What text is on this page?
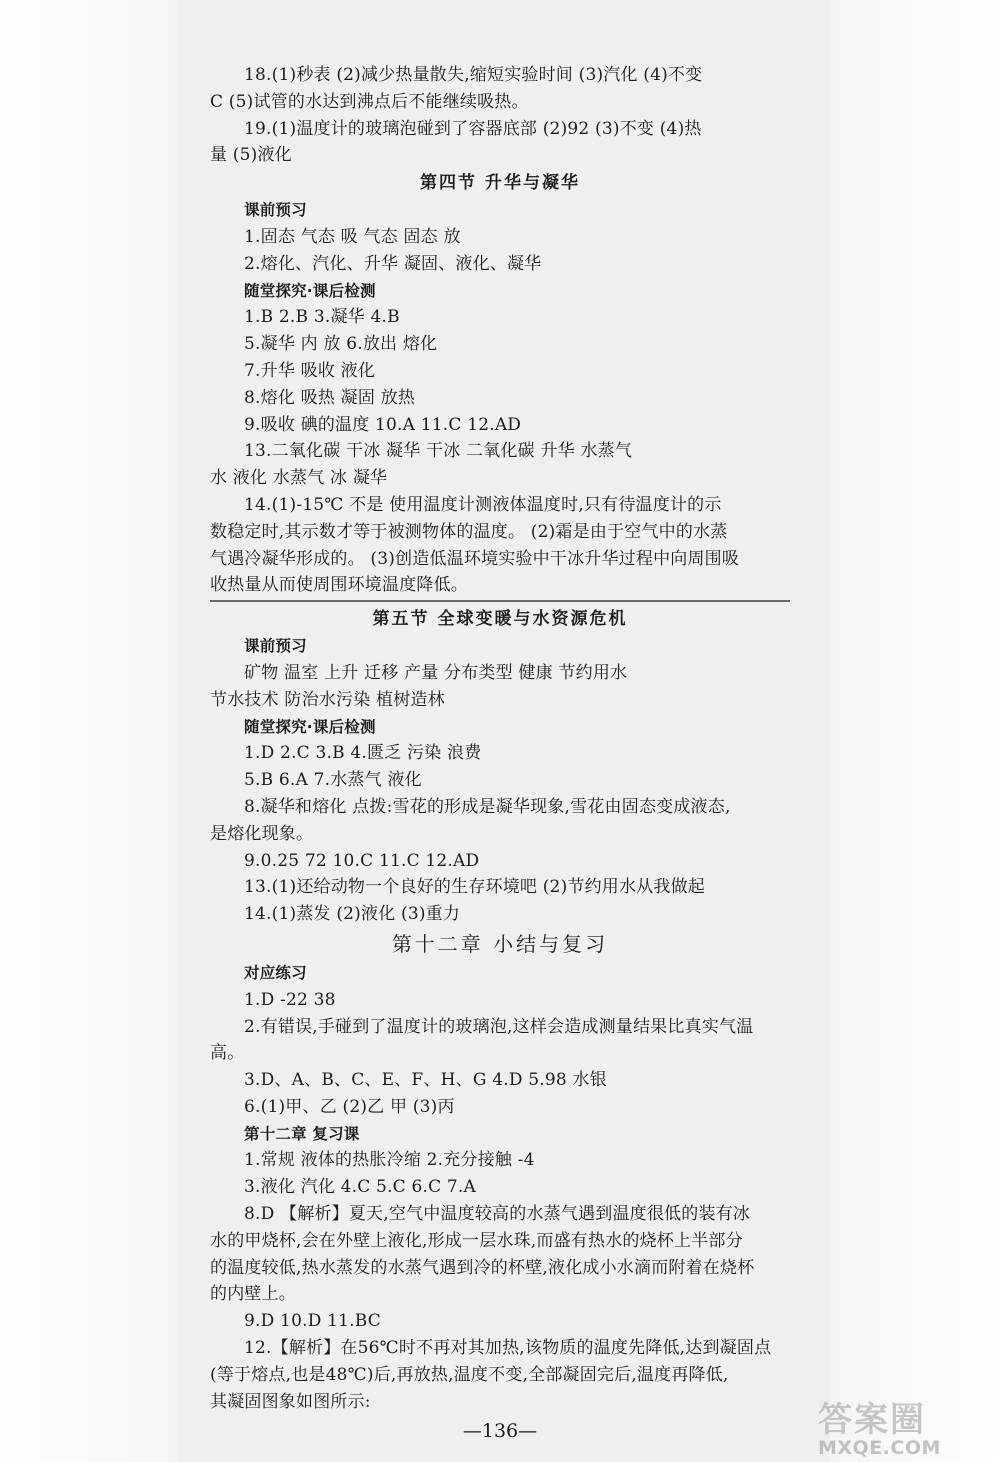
18.(1)秒表 (2)减少热量散失,缩短实验时间 (3)汽化 (4)不变
C (5)试管的水达到沸点后不能继续吸热。
19.(1)温度计的玻璃泡碰到了容器底部 (2)92 (3)不变 (4)热
量 (5)液化
第四节 升华与凝华
课前预习
1.固态 气态 吸 气态 固态 放
2.熔化、汽化、升华 凝固、液化、凝华
随堂探究·课后检测
1.B 2.B 3.凝华 4.B
5.凝华 内 放 6.放出 熔化
7.升华 吸收 液化
8.熔化 吸热 凝固 放热
9.吸收 碘的温度 10.A 11.C 12.AD
13.二氧化碳 干冰 凝华 干冰 二氧化碳 升华 水蒸气
水 液化 水蒸气 冰 凝华
14.(1)-15℃ 不是 使用温度计测液体温度时,只有待温度计的示
数稳定时,其示数才等于被测物体的温度。 (2)霜是由于空气中的水蒸
气遇冷凝华形成的。 (3)创造低温环境实验中干冰升华过程中向周围吸
收热量从而使周围环境温度降低。
第五节 全球变暖与水资源危机
课前预习
矿物 温室 上升 迁移 产量 分布类型 健康 节约用水
节水技术 防治水污染 植树造林
随堂探究·课后检测
1.D 2.C 3.B 4.匮乏 污染 浪费
5.B 6.A 7.水蒸气 液化
8.凝华和熔化 点拨:雪花的形成是凝华现象,雪花由固态变成液态,
是熔化现象。
9.0.25 72 10.C 11.C 12.AD
13.(1)还给动物一个良好的生存环境吧 (2)节约用水从我做起
14.(1)蒸发 (2)液化 (3)重力
第十二章 小结与复习
对应练习
1.D -22 38
2.有错误,手碰到了温度计的玻璃泡,这样会造成测量结果比真实气温
高。
3.D、A、B、C、E、F、H、G 4.D 5.98 水银
6.(1)甲、乙 (2)乙 甲 (3)丙
第十二章 复习课
1.常规 液体的热胀冷缩 2.充分接触 -4
3.液化 汽化 4.C 5.C 6.C 7.A
8.D 【解析】夏天,空气中温度较高的水蒸气遇到温度很低的装有冰
水的甲烧杯,会在外壁上液化,形成一层水珠,而盛有热水的烧杯上半部分
的温度较低,热水蒸发的水蒸气遇到冷的杯壁,液化成小水滴而附着在烧杯
的内壁上。
9.D 10.D 11.BC
12.【解析】在56℃时不再对其加热,该物质的温度先降低,达到凝固点
(等于熔点,也是48℃)后,再放热,温度不变,全部凝固完后,温度再降低,
其凝固图象如图所示:
—136—	答案圈
MXQE.COM
